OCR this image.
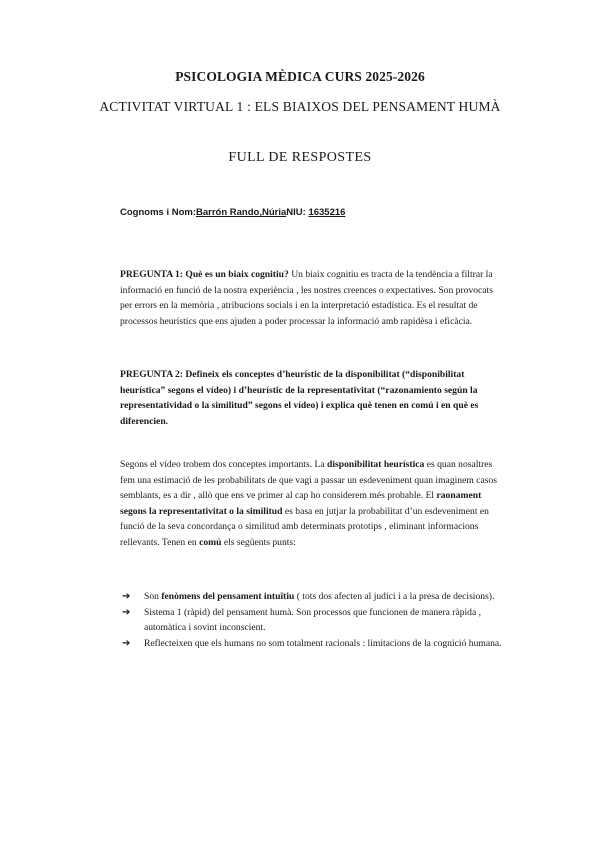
PSICOLOGIA MÈDICA CURS 2025-2026
ACTIVITAT VIRTUAL 1 : ELS BIAIXOS DEL PENSAMENT HUMÀ
FULL DE RESPOSTES
Cognoms i Nom:Barrón Rando,NúriaNIU: 1635216
PREGUNTA 1: Què es un biaix cognitiu? Un biaix cognitiu es tracta de la tendència a filtrar la informació en funció de la nostra experiència , les nostres creences o expectatives. Son provocats per errors en la memòria , atribucions socials i en la interpretació estadística. Es el resultat de processos heurístics que ens ajuden a poder processar la informació amb rapidèsa i eficàcia.
PREGUNTA 2: Defineix els conceptes d’heurístic de la disponibilitat (“disponibilitat heurística” segons el vídeo) i d’heurístic de la representativitat (“razonamiento según la representatividad o la similitud” segons el vídeo) i explica què tenen en comú i en què es diferencien.
Segons el vídeo trobem dos conceptes importants. La disponibilitat heurística es quan nosaltres fem una estimació de les probabilitats de que vagi a passar un esdeveniment quan imaginem casos semblants, es a dir , allò que ens ve primer al cap ho considerem més probable. El raonament segons la representativitat o la similitud es basa en jutjar la probabilitat d’un esdeveniment en funció de la seva concordança o similitud amb determinats prototips , eliminant informacions rellevants. Tenen en comú els següents punts:
➔ Son fenòmens del pensament intuïtiu ( tots dos afecten al judici i a la presa de decisions).
➔ Sistema 1 (ràpid) del pensament humà. Son processos que funcionen de manera ràpida , automàtica i sovint inconscient.
➔ Reflecteixen que els humans no som totalment racionals : limitacions de la cognició humana.
